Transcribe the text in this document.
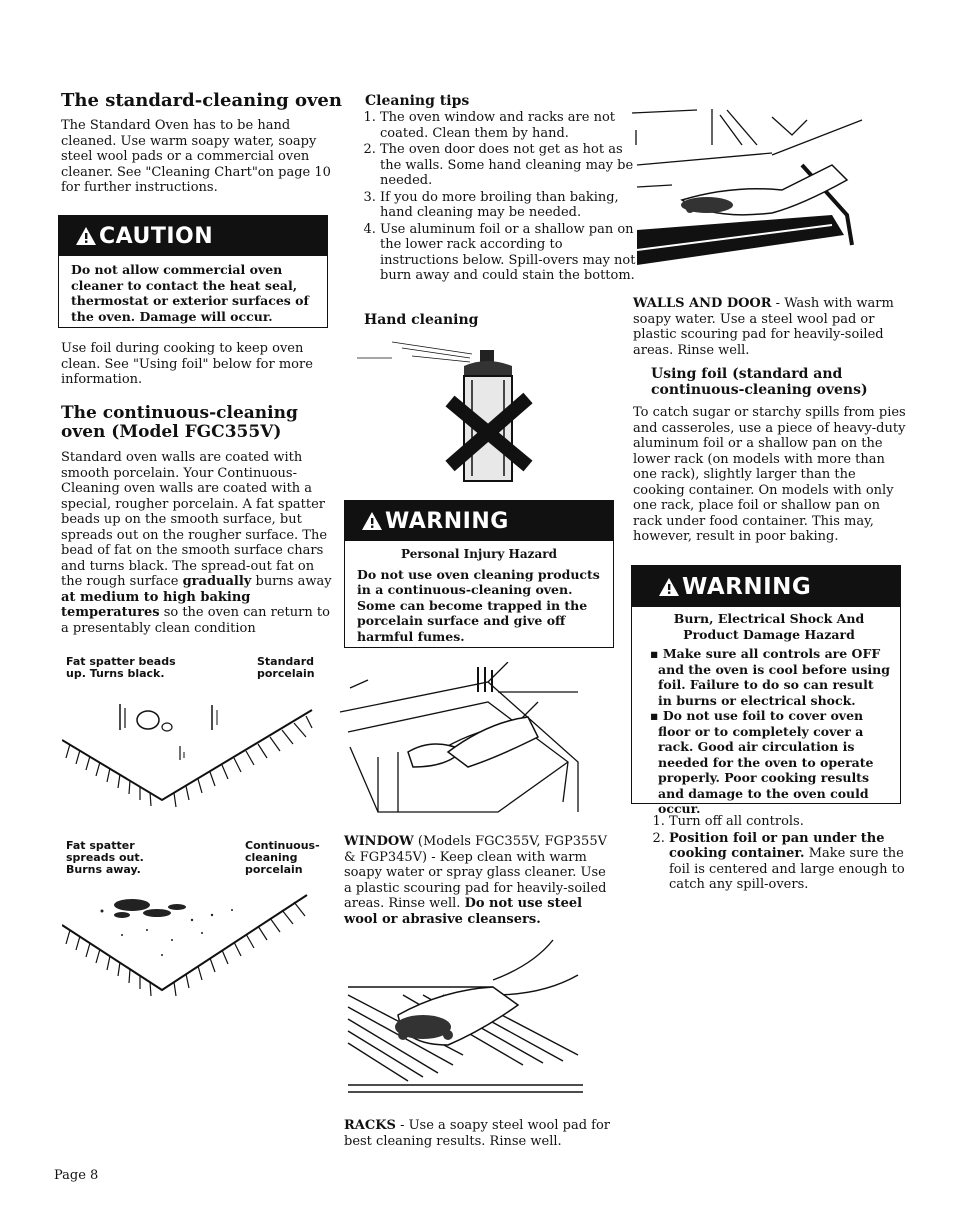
The standard-cleaning oven

The Standard Oven has to be hand cleaned. Use warm soapy water, soapy steel wool pads or a commercial oven cleaner. See "Cleaning Chart"on page 10 for further instructions.

CAUTION
Do not allow commercial oven cleaner to contact the heat seal, thermostat or exterior surfaces of the oven. Damage will occur.

Use foil during cooking to keep oven clean. See "Using foil" below for more information.

The continuous-cleaning oven (Model FGC355V)

Standard oven walls are coated with smooth porcelain. Your Continuous-Cleaning oven walls are coated with a special, rougher porcelain. A fat spatter beads up on the smooth surface, but spreads out on the rougher surface. The bead of fat on the smooth surface chars and turns black. The spread-out fat on the rough surface gradually burns away at medium to high baking temperatures so the oven can return to a presentably clean condition

Fat spatter beads up. Turns black.

Standard porcelain

Fat spatter spreads out. Burns away.

Continuous-cleaning porcelain

Page 8

Cleaning tips
1. The oven window and racks are not coated. Clean them by hand.
2. The oven door does not get as hot as the walls. Some hand cleaning may be needed.
3. If you do more broiling than baking, hand cleaning may be needed.
4. Use aluminum foil or a shallow pan on the lower rack according to instructions below. Spill-overs may not burn away and could stain the bottom.
Hand cleaning
WARNING
Personal Injury Hazard
Do not use oven cleaning products in a continuous-cleaning oven. Some can become trapped in the porcelain surface and give off harmful fumes.

WINDOW (Models FGC355V, FGP355V & FGP345V) - Keep clean with warm soapy water or spray glass cleaner. Use a plastic scouring pad for heavily-soiled areas. Rinse well. Do not use steel wool or abrasive cleansers.

RACKS - Use a soapy steel wool pad for best cleaning results. Rinse well.

WALLS AND DOOR - Wash with warm soapy water. Use a steel wool pad or plastic scouring pad for heavily-soiled areas. Rinse well.

Using foil (standard and continuous-cleaning ovens)

To catch sugar or starchy spills from pies and casseroles, use a piece of heavy-duty aluminum foil or a shallow pan on the lower rack (on models with more than one rack), slightly larger than the cooking container. On models with only one rack, place foil or shallow pan on rack under food container. This may, however, result in poor baking.

WARNING
Burn, Electrical Shock And Product Damage Hazard
▪ Make sure all controls are OFF and the oven is cool before using foil. Failure to do so can result in burns or electrical shock.
▪ Do not use foil to cover oven floor or to completely cover a rack. Good air circulation is needed for the oven to operate properly. Poor cooking results and damage to the oven could occur.
1. Turn off all controls.
2. Position foil or pan under the cooking container. Make sure the foil is centered and large enough to catch any spill-overs.
